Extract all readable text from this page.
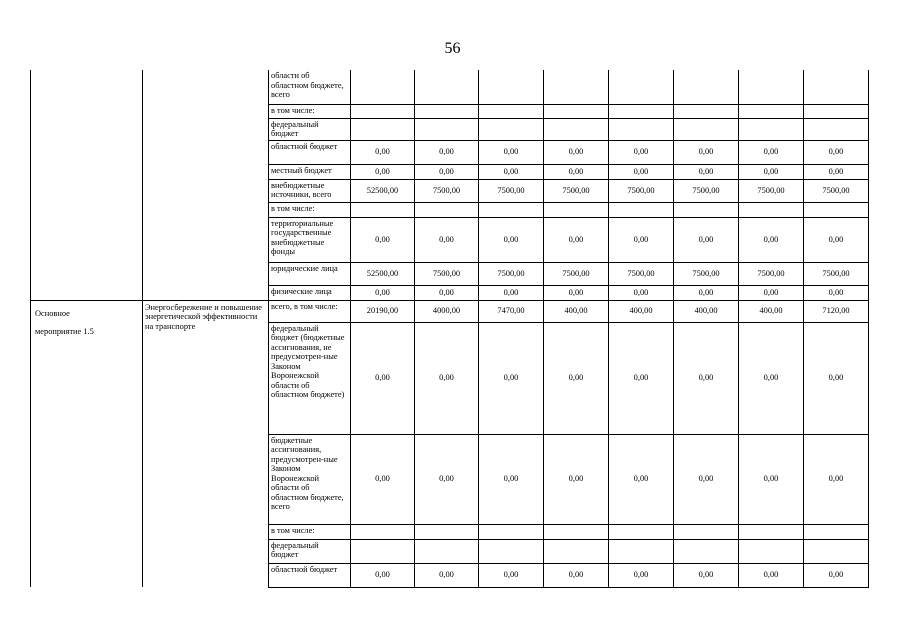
56
		области об областном бюджете, всего								
		в том числе:								
		федеральный бюджет								
		областной бюджет	0,00	0,00	0,00	0,00	0,00	0,00	0,00	0,00
		местный бюджет	0,00	0,00	0,00	0,00	0,00	0,00	0,00	0,00
		внебюджетные источники, всего	52500,00	7500,00	7500,00	7500,00	7500,00	7500,00	7500,00	7500,00
		в том числе:								
		территориальные государственные внебюджетные фонды	0,00	0,00	0,00	0,00	0,00	0,00	0,00	0,00
		юридические лица	52500,00	7500,00	7500,00	7500,00	7500,00	7500,00	7500,00	7500,00
		физические лица	0,00	0,00	0,00	0,00	0,00	0,00	0,00	0,00

Основное
мероприятие 1.5	Энергосбережение и повышение энергетической эффективности на транспорте	всего, в том числе:	20190,00	4000,00	7470,00	400,00	400,00	400,00	400,00	7120,00
		федеральный бюджет (бюджетные ассигнования, не предусмотрен-ные Законом Воронежской области об областном бюджете)	0,00	0,00	0,00	0,00	0,00	0,00	0,00	0,00
		бюджетные ассигнования, предусмотрен-ные Законом Воронежской области об областном бюджете, всего	0,00	0,00	0,00	0,00	0,00	0,00	0,00	0,00
		в том числе:								
		федеральный бюджет								
		областной бюджет	0,00	0,00	0,00	0,00	0,00	0,00	0,00	0,00
